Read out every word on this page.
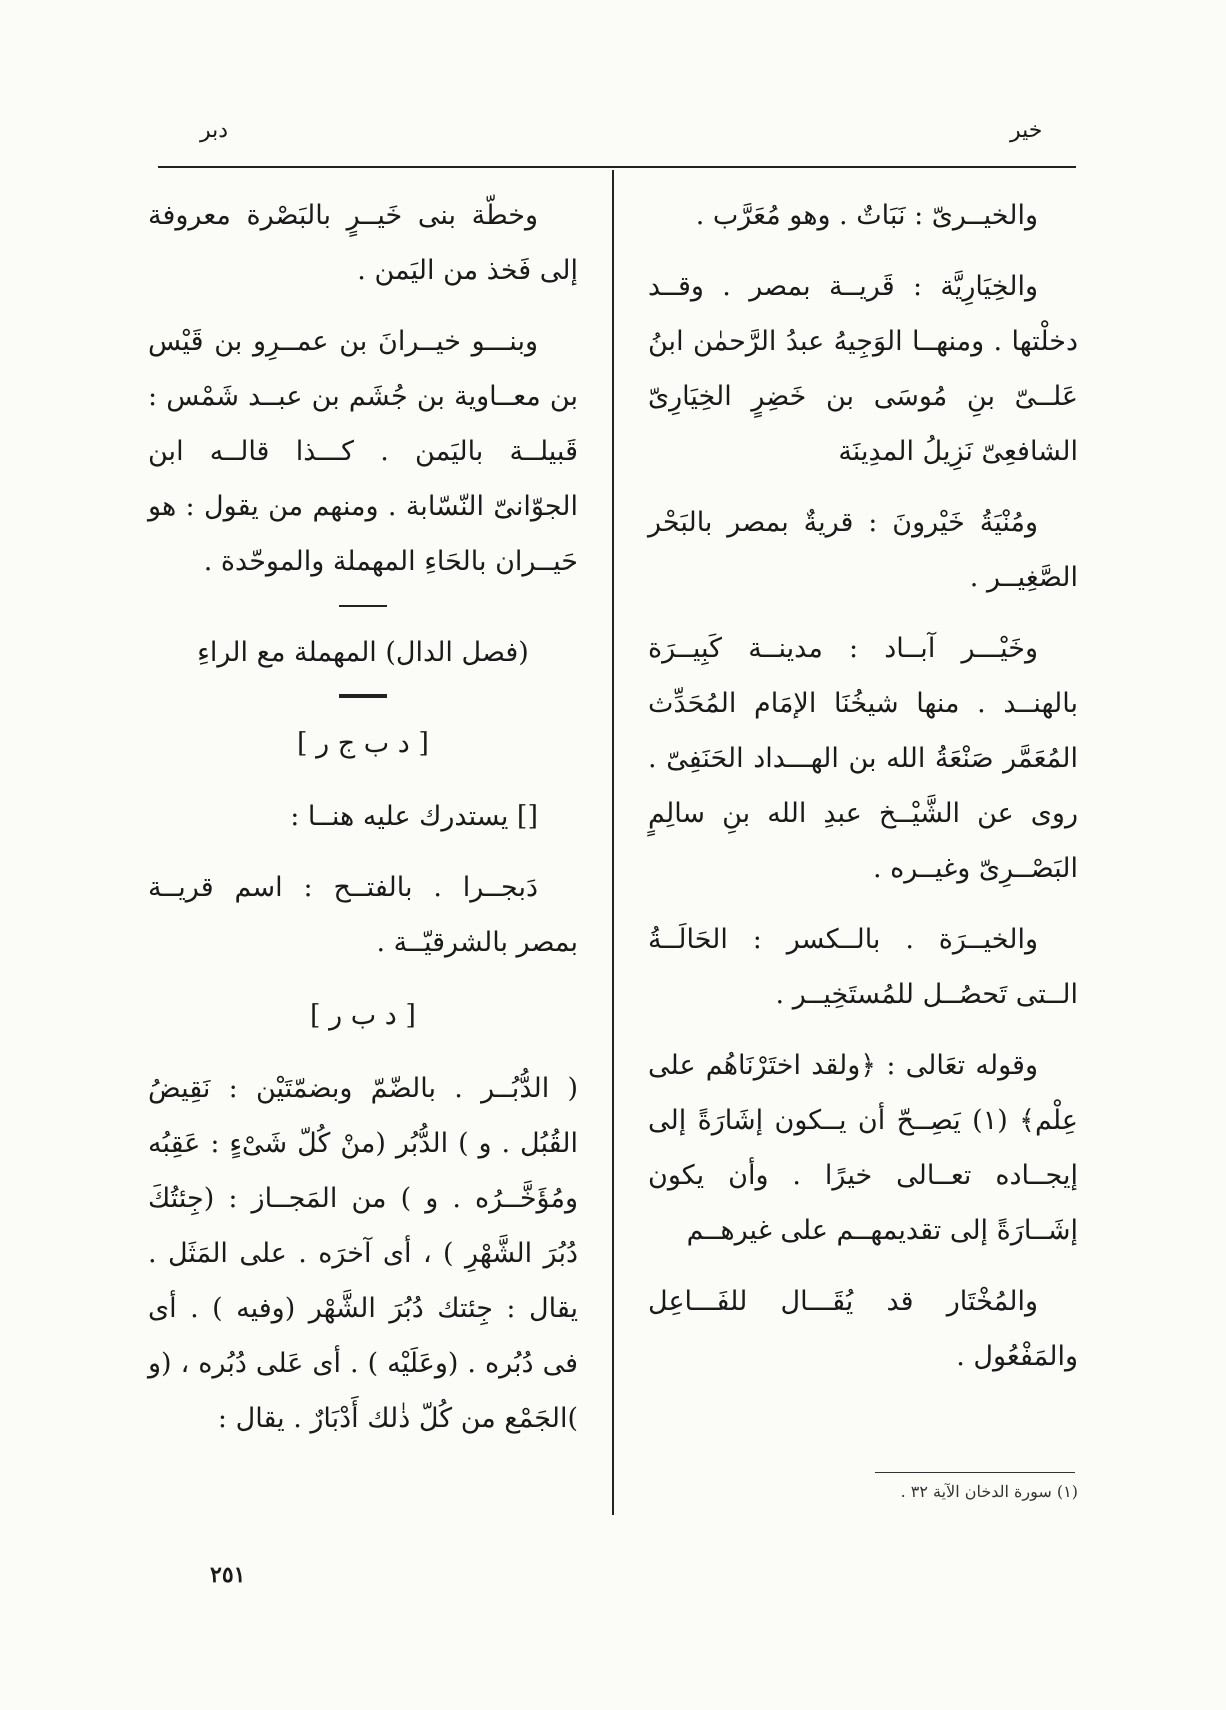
خير
دبر

والخيــرىّ : نَبَاتٌ . وهو مُعَرَّب .

والخِيَارِيَّة : قَريــة بمصر . وقــد دخلْتها . ومنهــا الوَجِيهُ عبدُ الرَّحمٰن ابنُ عَلــىّ بنِ مُوسَى بن خَضِرٍ الخِيَارِىّ الشافعِىّ نَزِيلُ المدِينَة

ومُنْيَةُ خَيْرونَ : قريةٌ بمصر بالبَحْر الصَّغِيــر .

وخَيْـــر آبــاد : مدينــة كَبِيــرَة بالهنــد . منها شيخُنَا الإمَام المُحَدِّث المُعَمَّر صَنْعَةُ الله بن الهـــداد الحَنَفِىّ . روى عن الشَّيْــخ عبدِ الله بنِ سالِمٍ البَصْــرِىّ وغيــره .

والخيــرَة . بالــكسر : الحَالَــةُ الــتى تَحصُــل للمُستَخِيــر .

وقوله تعَالى : ﴿ولقد اختَرْنَاهُم على عِلْم﴾ (١) يَصِــحّ أن يــكون إشَارَةً إلى إيجــاده تعــالى خيرًا . وأن يكون إشَــارَةً إلى تقديمهــم على غيرهــم

والمُخْتَار قد يُقَـــال للفَـــاعِل والمَفْعُول .

وخطّة بنى خَيــرٍ بالبَصْرة معروفة إلى فَخذ من اليَمن .

وبنـــو خيــرانَ بن عمــرِو بن قَيْس بن معــاوية بن جُشَم بن عبــد شَمْس : قَبيلــة باليَمن . كـــذا قالــه ابن الجوّانىّ النّسّابة . ومنهم من يقول : هو حَيــران بالحَاءِ المهملة والموحّدة .

(فصل الدال) المهملة مع الراءِ

[ د ب ج ر ]

[] يستدرك عليه هنــا :

دَبجــرا . بالفتــح : اسم قريــة بمصر بالشرقيّــة .

[ د ب ر ]

( الدُّبُــر . بالضّمّ وبضمّتَيْن : نَقِيضُ القُبُل . و ) الدُّبُر (منْ كُلّ شَىْءٍ : عَقِبُه ومُؤَخَّــرُه . و ) من المَجــاز : (جِئتُكَ دُبُرَ الشَّهْرِ ) ، أى آخرَه . على المَثَل . يقال : جِئتك دُبُرَ الشَّهْر (وفيه ) . أى فى دُبُره . (وعَلَيْه ) . أى عَلى دُبُره ، (و )الجَمْع من كُلّ ذٰلك أَدْبَارٌ . يقال :

(١) سورة الدخان الآية ٣٢ .
٢٥١
